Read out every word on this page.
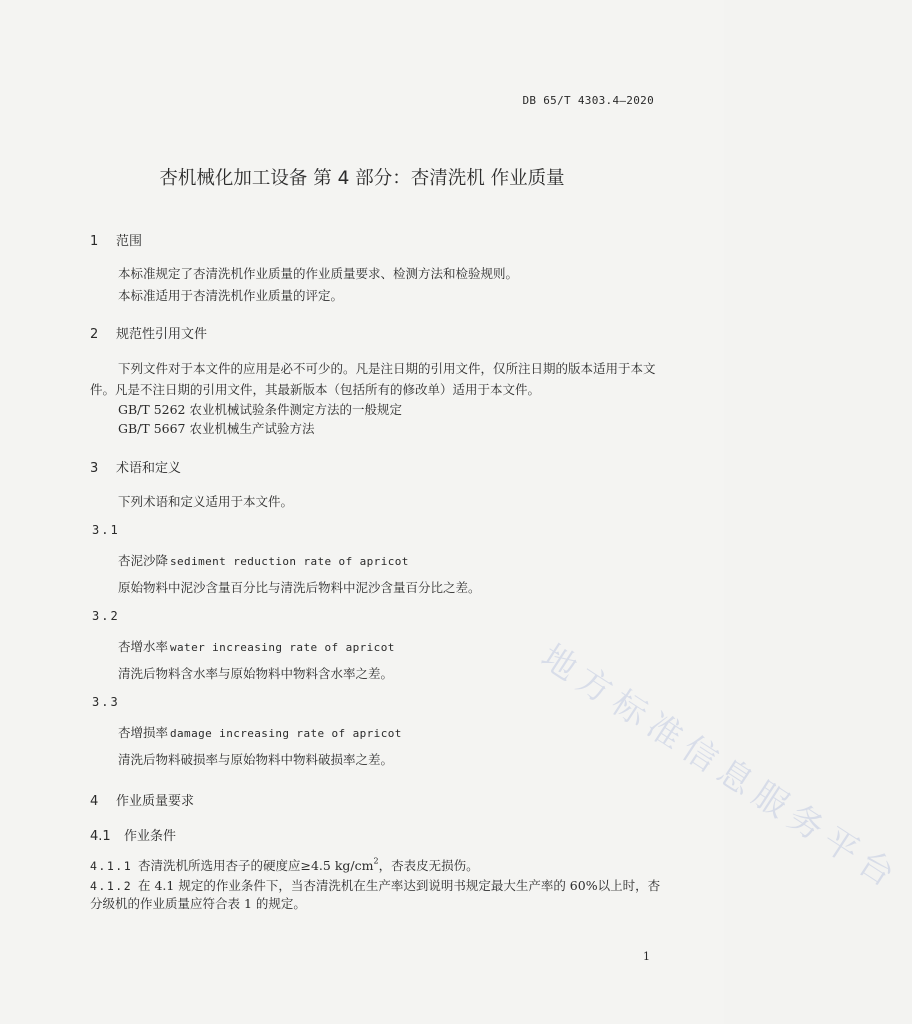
DB 65/T 4303.4—2020
杏机械化加工设备 第 4 部分：杏清洗机 作业质量
1 范围
本标准规定了杏清洗机作业质量的作业质量要求、检测方法和检验规则。
本标准适用于杏清洗机作业质量的评定。
2 规范性引用文件
下列文件对于本文件的应用是必不可少的。凡是注日期的引用文件，仅所注日期的版本适用于本文
件。凡是不注日期的引用文件，其最新版本（包括所有的修改单）适用于本文件。
GB/T 5262 农业机械试验条件测定方法的一般规定
GB/T 5667 农业机械生产试验方法
3 术语和定义
下列术语和定义适用于本文件。
3.1
杏泥沙降 sediment reduction rate of apricot
原始物料中泥沙含量百分比与清洗后物料中泥沙含量百分比之差。
3.2
杏增水率 water increasing rate of apricot
清洗后物料含水率与原始物料中物料含水率之差。
3.3
杏增损率 damage increasing rate of apricot
清洗后物料破损率与原始物料中物料破损率之差。
4 作业质量要求
4.1 作业条件
4.1.1 杏清洗机所选用杏子的硬度应≥4.5 $kg/cm^2$，杏表皮无损伤。
4.1.2 在 4.1 规定的作业条件下，当杏清洗机在生产率达到说明书规定最大生产率的 60%以上时，杏
分级机的作业质量应符合表 1 的规定。
地方标准信息服务平台
1
